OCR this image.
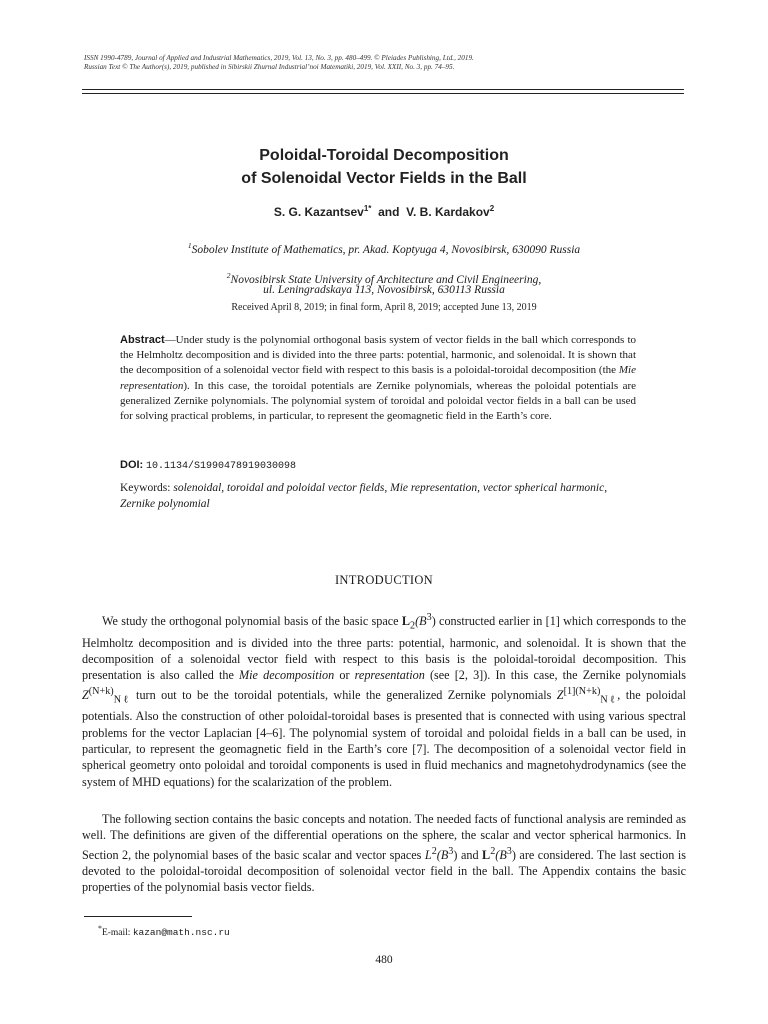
ISSN 1990-4789, Journal of Applied and Industrial Mathematics, 2019, Vol. 13, No. 3, pp. 480–499. © Pleiades Publishing, Ltd., 2019.
Russian Text © The Author(s), 2019, published in Sibirskii Zhurnal Industrial’noi Matematiki, 2019, Vol. XXII, No. 3, pp. 74–95.
Poloidal-Toroidal Decomposition
of Solenoidal Vector Fields in the Ball
S. G. Kazantsev$^{1*}$ and V. B. Kardakov$^2$
$^1$Sobolev Institute of Mathematics, pr. Akad. Koptyuga 4, Novosibirsk, 630090 Russia
$^2$Novosibirsk State University of Architecture and Civil Engineering,
ul. Leningradskaya 113, Novosibirsk, 630113 Russia
Received April 8, 2019; in final form, April 8, 2019; accepted June 13, 2019
Abstract—Under study is the polynomial orthogonal basis system of vector fields in the ball which corresponds to the Helmholtz decomposition and is divided into the three parts: potential, harmonic, and solenoidal. It is shown that the decomposition of a solenoidal vector field with respect to this basis is a poloidal-toroidal decomposition (the Mie representation). In this case, the toroidal potentials are Zernike polynomials, whereas the poloidal potentials are generalized Zernike polynomials. The polynomial system of toroidal and poloidal vector fields in a ball can be used for solving practical problems, in particular, to represent the geomagnetic field in the Earth’s core.
DOI: 10.1134/S1990478919030098
Keywords: solenoidal, toroidal and poloidal vector fields, Mie representation, vector spherical harmonic, Zernike polynomial
INTRODUCTION
We study the orthogonal polynomial basis of the basic space $L_2(B^3)$ constructed earlier in [1] which corresponds to the Helmholtz decomposition and is divided into the three parts: potential, harmonic, and solenoidal. It is shown that the decomposition of a solenoidal vector field with respect to this basis is the poloidal-toroidal decomposition. This presentation is also called the Mie decomposition or representation (see [2, 3]). In this case, the Zernike polynomials $Z^{(N+k)}_{N\ell}$ turn out to be the toroidal potentials, while the generalized Zernike polynomials $Z^{[1](N+k)}_{N\ell}$, the poloidal potentials. Also the construction of other poloidal-toroidal bases is presented that is connected with using various spectral problems for the vector Laplacian [4–6]. The polynomial system of toroidal and poloidal fields in a ball can be used, in particular, to represent the geomagnetic field in the Earth’s core [7]. The decomposition of a solenoidal vector field in spherical geometry onto poloidal and toroidal components is used in fluid mechanics and magnetohydrodynamics (see the system of MHD equations) for the scalarization of the problem.
The following section contains the basic concepts and notation. The needed facts of functional analysis are reminded as well. The definitions are given of the differential operations on the sphere, the scalar and vector spherical harmonics. In Section 2, the polynomial bases of the basic scalar and vector spaces $L^2(B^3)$ and $L^2(B^3)$ are considered. The last section is devoted to the poloidal-toroidal decomposition of solenoidal vector field in the ball. The Appendix contains the basic properties of the polynomial basis vector fields.
*E-mail: kazan@math.nsc.ru
480
